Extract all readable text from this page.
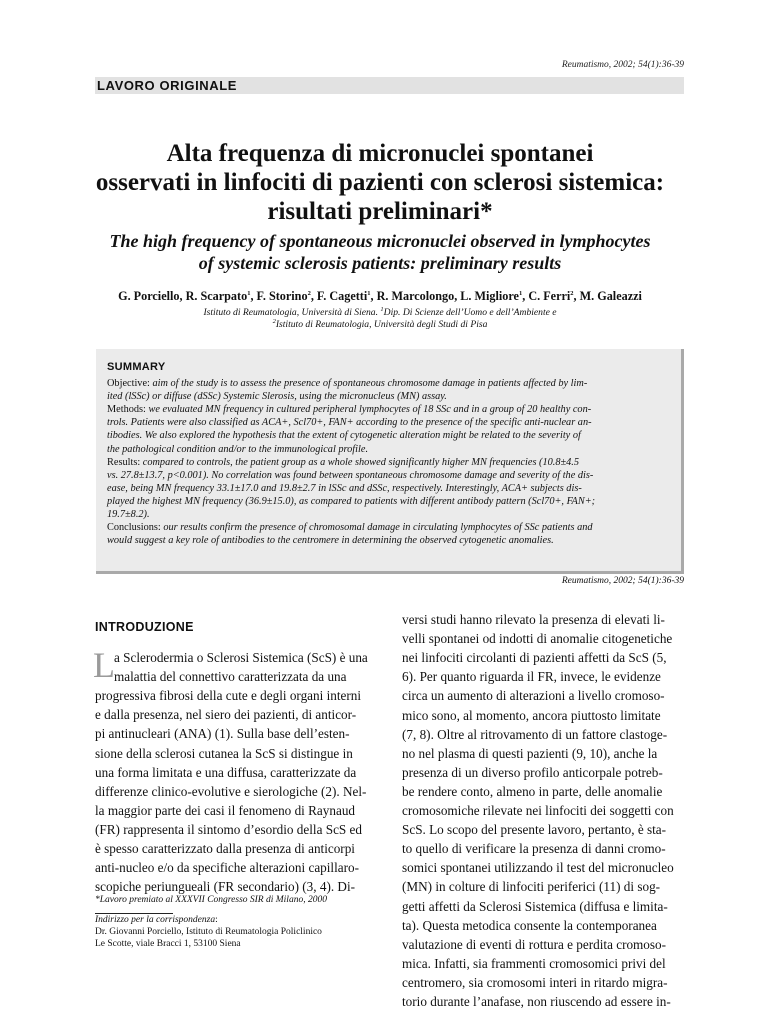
Reumatismo, 2002; 54(1):36-39
LAVORO ORIGINALE
Alta frequenza di micronuclei spontanei
osservati in linfociti di pazienti con sclerosi sistemica:
risultati preliminari*
The high frequency of spontaneous micronuclei observed in lymphocytes
of systemic sclerosis patients: preliminary results
G. Porciello, R. Scarpato$^1$, F. Storino$^2$, F. Cagetti$^1$, R. Marcolongo, L. Migliore$^1$, C. Ferri$^2$, M. Galeazzi
Istituto di Reumatologia, Università di Siena. $^1$Dip. Di Scienze dell’Uomo e dell’Ambiente e
$^2$Istituto di Reumatologia, Università degli Studi di Pisa
SUMMARY
Objective: aim of the study is to assess the presence of spontaneous chromosome damage in patients affected by lim-
ited (lSSc) or diffuse (dSSc) Systemic Slerosis, using the micronucleus (MN) assay.
Methods: we evaluated MN frequency in cultured peripheral lymphocytes of 18 SSc and in a group of 20 healthy con-
trols. Patients were also classified as ACA+, Scl70+, FAN+ according to the presence of the specific anti-nuclear an-
tibodies. We also explored the hypothesis that the extent of cytogenetic alteration might be related to the severity of
the pathological condition and/or to the immunological profile.
Results: compared to controls, the patient group as a whole showed significantly higher MN frequencies (10.8±4.5
vs. 27.8±13.7, p<0.001). No correlation was found between spontaneous chromosome damage and severity of the dis-
ease, being MN frequency 33.1±17.0 and 19.8±2.7 in lSSc and dSSc, respectively. Interestingly, ACA+ subjects dis-
played the highest MN frequency (36.9±15.0), as compared to patients with different antibody pattern (Scl70+, FAN+;
19.7±8.2).
Conclusions: our results confirm the presence of chromosomal damage in circulating lymphocytes of SSc patients and
would suggest a key role of antibodies to the centromere in determining the observed cytogenetic anomalies.
Reumatismo, 2002; 54(1):36-39
INTRODUZIONE
L a Sclerodermia o Sclerosi Sistemica (ScS) è una
malattia del connettivo caratterizzata da una
progressiva fibrosi della cute e degli organi interni
e dalla presenza, nel siero dei pazienti, di anticor-
pi antinucleari (ANA) (1). Sulla base dell’esten-
sione della sclerosi cutanea la ScS si distingue in
una forma limitata e una diffusa, caratterizzate da
differenze clinico-evolutive e sierologiche (2). Nel-
la maggior parte dei casi il fenomeno di Raynaud
(FR) rappresenta il sintomo d’esordio della ScS ed
è spesso caratterizzato dalla presenza di anticorpi
anti-nucleo e/o da specifiche alterazioni capillaro-
scopiche periungueali (FR secondario) (3, 4). Di-
versi studi hanno rilevato la presenza di elevati li-
velli spontanei od indotti di anomalie citogenetiche
nei linfociti circolanti di pazienti affetti da ScS (5,
6). Per quanto riguarda il FR, invece, le evidenze
circa un aumento di alterazioni a livello cromoso-
mico sono, al momento, ancora piuttosto limitate
(7, 8). Oltre al ritrovamento di un fattore clastoge-
no nel plasma di questi pazienti (9, 10), anche la
presenza di un diverso profilo anticorpale potreb-
be rendere conto, almeno in parte, delle anomalie
cromosomiche rilevate nei linfociti dei soggetti con
ScS. Lo scopo del presente lavoro, pertanto, è sta-
to quello di verificare la presenza di danni cromo-
somici spontanei utilizzando il test del micronucleo
(MN) in colture di linfociti periferici (11) di sog-
getti affetti da Sclerosi Sistemica (diffusa e limita-
ta). Questa metodica consente la contemporanea
valutazione di eventi di rottura e perdita cromoso-
mica. Infatti, sia frammenti cromosomici privi del
centromero, sia cromosomi interi in ritardo migra-
torio durante l’anafase, non riuscendo ad essere in-
*Lavoro premiato al XXXVII Congresso SIR di Milano, 2000
Indirizzo per la corrispondenza:
Dr. Giovanni Porciello, Istituto di Reumatologia Policlinico
Le Scotte, viale Bracci 1, 53100 Siena
